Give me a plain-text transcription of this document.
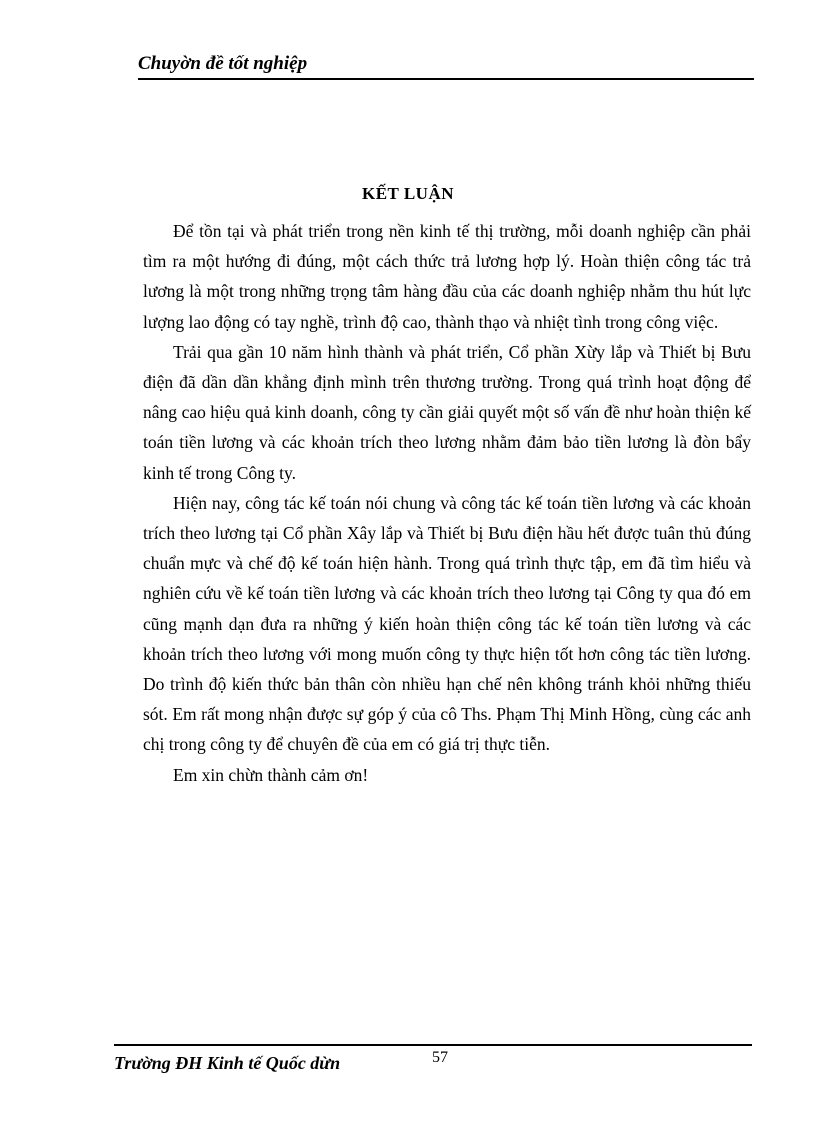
Chuyờn đề tốt nghiệp
KẾT LUẬN

Để tồn tại và phát triển trong nền kinh tế thị trường, mỗi doanh nghiệp cần phải tìm ra một hướng đi đúng, một cách thức trả lương hợp lý. Hoàn thiện công tác trả lương là một trong những trọng tâm hàng đầu của các doanh nghiệp nhằm thu hút lực lượng lao động có tay nghề, trình độ cao, thành thạo và nhiệt tình trong công việc.

Trải qua gần 10 năm hình thành và phát triển, Cổ phần Xừy lắp và Thiết bị Bưu điện đã dần dần khẳng định mình trên thương trường. Trong quá trình hoạt động để nâng cao hiệu quả kinh doanh, công ty cần giải quyết một số vấn đề như hoàn thiện kế toán tiền lương và các khoản trích theo lương nhằm đảm bảo tiền lương là đòn bẩy kinh tế trong Công ty.

Hiện nay, công tác kế toán nói chung và công tác kế toán tiền lương và các khoản trích theo lương tại Cổ phần Xây lắp và Thiết bị Bưu điện hầu hết được tuân thủ đúng chuẩn mực và chế độ kế toán hiện hành. Trong quá trình thực tập, em đã tìm hiểu và nghiên cứu về kế toán tiền lương và các khoản trích theo lương tại Công ty qua đó em cũng mạnh dạn đưa ra những ý kiến hoàn thiện công tác kế toán tiền lương và các khoản trích theo lương với mong muốn công ty thực hiện tốt hơn công tác tiền lương. Do trình độ kiến thức bản thân còn nhiều hạn chế nên không tránh khỏi những thiếu sót. Em rất mong nhận được sự góp ý của cô Ths. Phạm Thị Minh Hồng, cùng các anh chị trong công ty để chuyên đề của em có giá trị thực tiễn.

Em xin chừn thành cảm ơn!

Trường ĐH Kinh tế Quốc dừn	57
